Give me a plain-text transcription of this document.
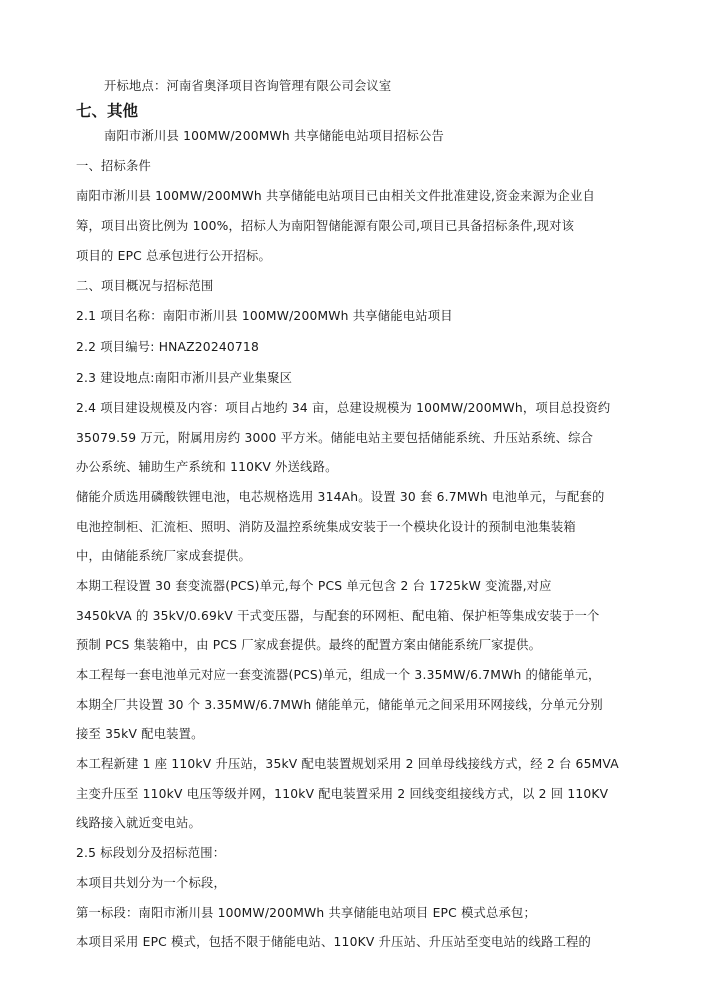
开标地点：河南省奥泽项目咨询管理有限公司会议室
七、其他
南阳市淅川县 100MW/200MWh 共享储能电站项目招标公告
一、招标条件
南阳市淅川县 100MW/200MWh 共享储能电站项目已由相关文件批准建设,资金来源为企业自
筹，项目出资比例为 100%，招标人为南阳智储能源有限公司,项目已具备招标条件,现对该
项目的 EPC 总承包进行公开招标。
二、项目概况与招标范围
2.1 项目名称：南阳市淅川县 100MW/200MWh 共享储能电站项目
2.2 项目编号: HNAZ20240718
2.3 建设地点:南阳市淅川县产业集聚区
2.4 项目建设规模及内容：项目占地约 34 亩，总建设规模为 100MW/200MWh，项目总投资约
35079.59 万元，附属用房约 3000 平方米。储能电站主要包括储能系统、升压站系统、综合
办公系统、辅助生产系统和 110KV 外送线路。
储能介质选用磷酸铁锂电池，电芯规格选用 314Ah。设置 30 套 6.7MWh 电池单元，与配套的
电池控制柜、汇流柜、照明、消防及温控系统集成安装于一个模块化设计的预制电池集装箱
中，由储能系统厂家成套提供。
本期工程设置 30 套变流器(PCS)单元,每个 PCS 单元包含 2 台 1725kW 变流器,对应
3450kVA 的 35kV/0.69kV 干式变压器，与配套的环网柜、配电箱、保护柜等集成安装于一个
预制 PCS 集装箱中，由 PCS 厂家成套提供。最终的配置方案由储能系统厂家提供。
本工程每一套电池单元对应一套变流器(PCS)单元，组成一个 3.35MW/6.7MWh 的储能单元，
本期全厂共设置 30 个 3.35MW/6.7MWh 储能单元，储能单元之间采用环网接线，分单元分别
接至 35kV 配电装置。
本工程新建 1 座 110kV 升压站，35kV 配电装置规划采用 2 回单母线接线方式，经 2 台 65MVA
主变升压至 110kV 电压等级并网，110kV 配电装置采用 2 回线变组接线方式，以 2 回 110KV
线路接入就近变电站。
2.5 标段划分及招标范围：
本项目共划分为一个标段，
第一标段：南阳市淅川县 100MW/200MWh 共享储能电站项目 EPC 模式总承包；
本项目采用 EPC 模式，包括不限于储能电站、110KV 升压站、升压站至变电站的线路工程的
